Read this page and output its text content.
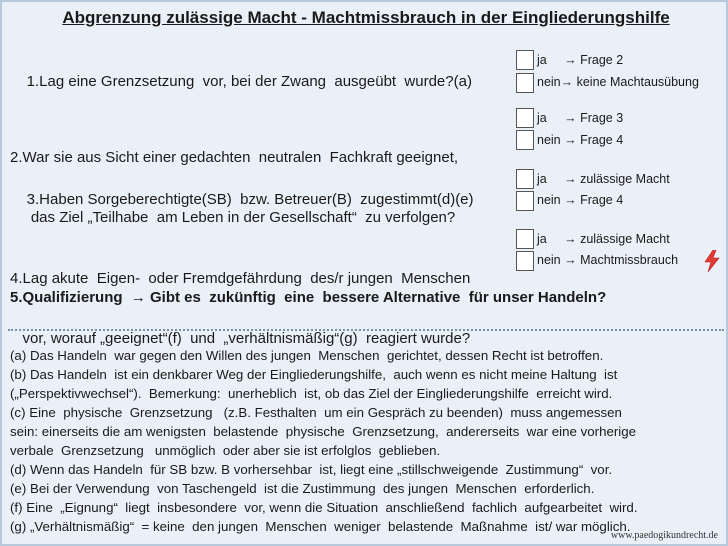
Abgrenzung zulässige Macht - Machtmissbrauch in der Eingliederungshilfe

1.Lag eine Grenzsetzung  vor, bei der Zwang  ausgeübt  wurde?(a)

ja     → Frage 2
nein→ keine Machtausübung

2.War sie aus Sicht einer gedachten  neutralen  Fachkraft geeignet,

das Ziel „Teilhabe  am Leben in der Gesellschaft“  zu verfolgen?

ja     → Frage 3
nein → Frage 4

3.Haben Sorgeberechtigte(SB)  bzw. Betreuer(B)  zugestimmt(d)(e)

ja     → zulässige Macht
nein → Frage 4

4.Lag akute  Eigen-  oder Fremdgefährdung  des/r jungen  Menschen

vor, worauf „geeignet“(f)  und  „verhältnismäßig“(g)  reagiert wurde?

ja     → zulässige Macht
nein → Machtmissbrauch
5.Qualifizierung  → Gibt es  zukünftig  eine  bessere Alternative  für unser Handeln?
(a) Das Handeln  war gegen den Willen des jungen  Menschen  gerichtet, dessen Recht ist betroffen.
(b) Das Handeln  ist ein denkbarer Weg der Eingliederungshilfe,  auch wenn es nicht meine Haltung  ist
(„Perspektivwechsel“).  Bemerkung:  unerheblich  ist, ob das Ziel der Eingliederungshilfe  erreicht wird.
(c) Eine  physische  Grenzsetzung   (z.B. Festhalten  um ein Gespräch zu beenden)  muss angemessen
sein: einerseits die am wenigsten  belastende  physische  Grenzsetzung,  andererseits  war eine vorherige
verbale  Grenzsetzung   unmöglich  oder aber sie ist erfolglos  geblieben.
(d) Wenn das Handeln  für SB bzw. B vorhersehbar  ist, liegt eine „stillschweigende  Zustimmung“  vor.
(e) Bei der Verwendung  von Taschengeld  ist die Zustimmung  des jungen  Menschen  erforderlich.
(f) Eine  „Eignung“  liegt  insbesondere  vor, wenn die Situation  anschließend  fachlich  aufgearbeitet  wird.
(g) „Verhältnismäßig“  = keine  den jungen  Menschen  weniger  belastende  Maßnahme  ist/ war möglich.
www.paedogikundrecht.de
